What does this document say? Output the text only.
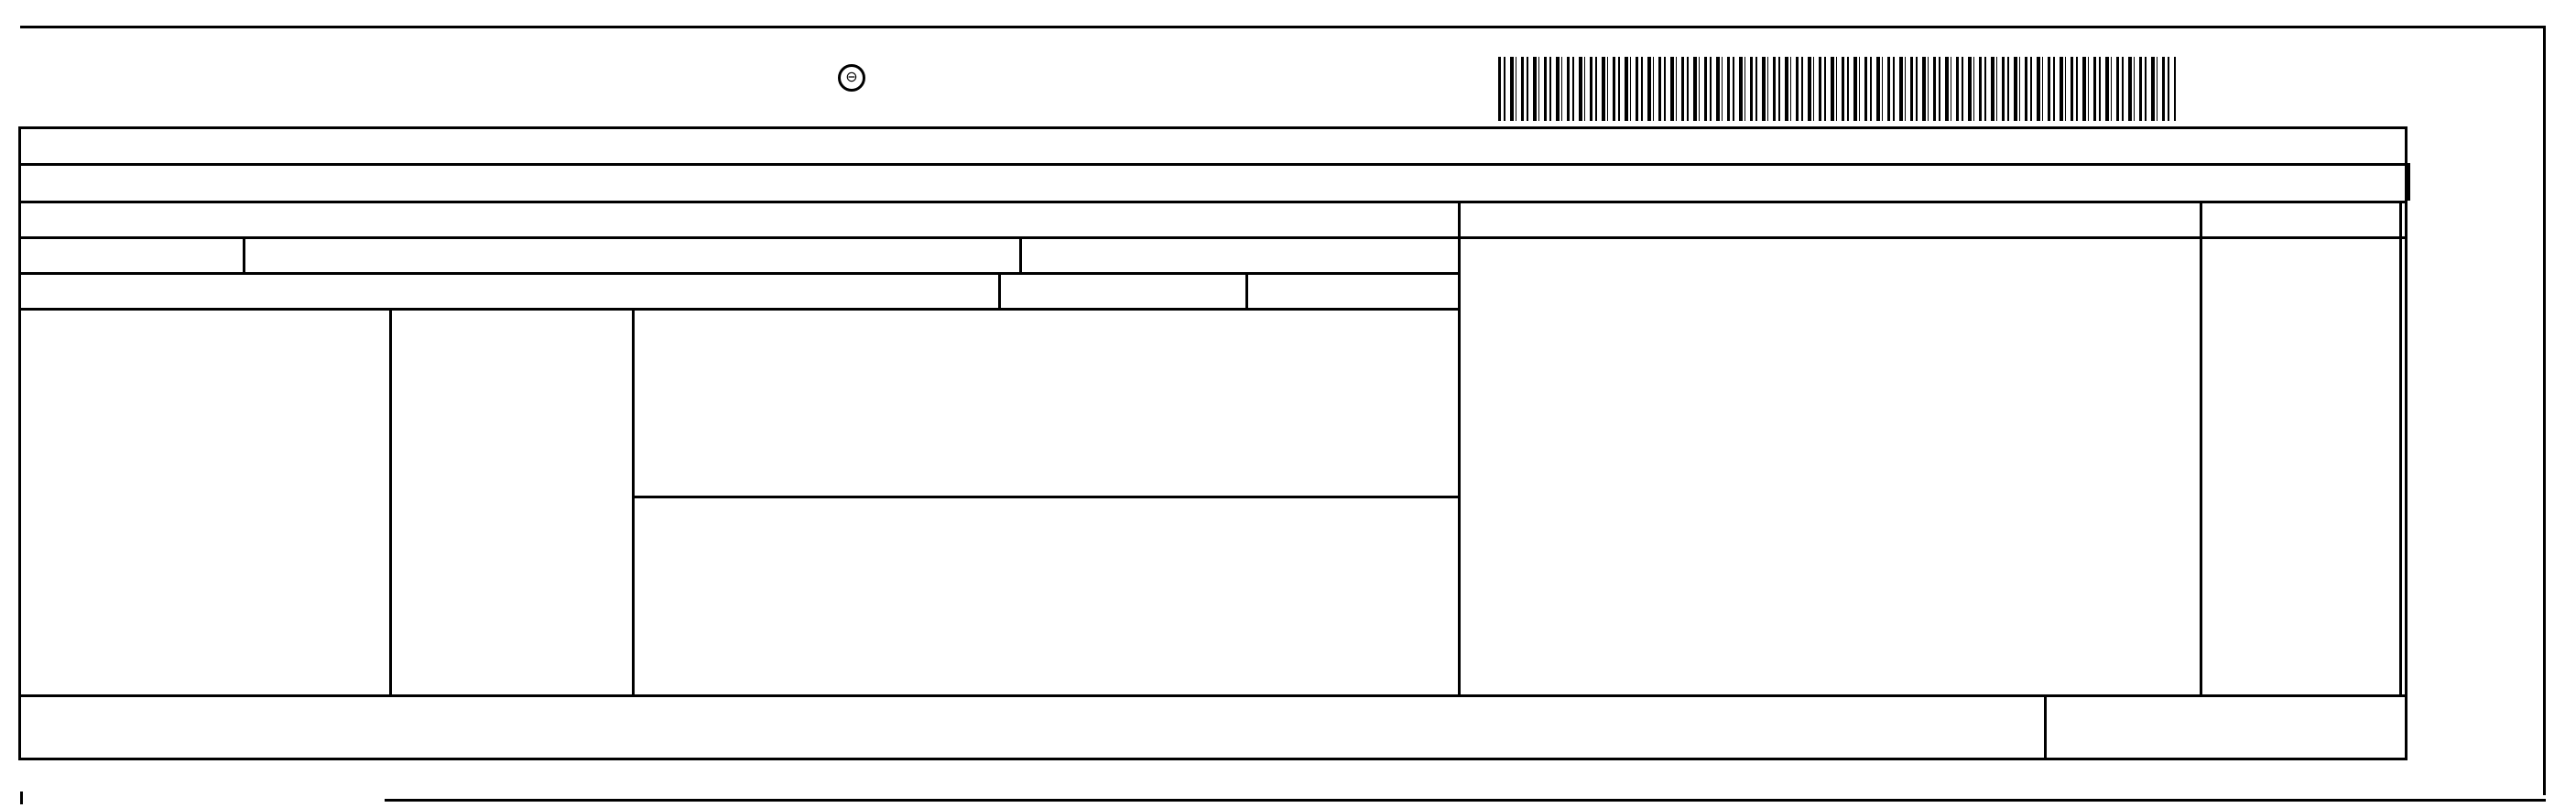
⊖
